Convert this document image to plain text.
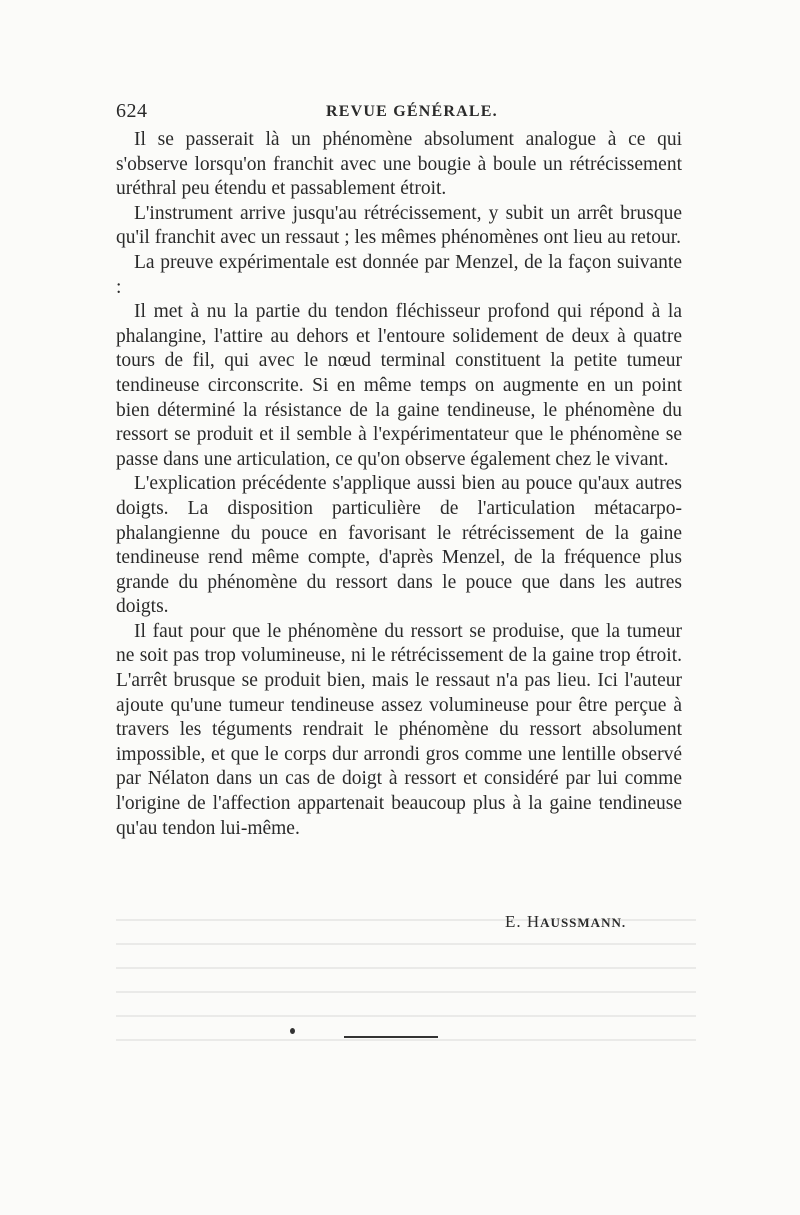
624	REVUE GÉNÉRALE.

Il se passerait là un phénomène absolument analogue à ce qui s'observe lorsqu'on franchit avec une bougie à boule un rétrécissement uréthral peu étendu et passablement étroit.

L'instrument arrive jusqu'au rétrécissement, y subit un arrêt brusque qu'il franchit avec un ressaut ; les mêmes phénomènes ont lieu au retour.

La preuve expérimentale est donnée par Menzel, de la façon suivante :

Il met à nu la partie du tendon fléchisseur profond qui répond à la phalangine, l'attire au dehors et l'entoure solidement de deux à quatre tours de fil, qui avec le nœud terminal constituent la petite tumeur tendineuse circonscrite. Si en même temps on augmente en un point bien déterminé la résistance de la gaine tendineuse, le phénomène du ressort se produit et il semble à l'expérimentateur que le phénomène se passe dans une articulation, ce qu'on observe également chez le vivant.

L'explication précédente s'applique aussi bien au pouce qu'aux autres doigts. La disposition particulière de l'articulation métacarpo-phalangienne du pouce en favorisant le rétrécissement de la gaine tendineuse rend même compte, d'après Menzel, de la fréquence plus grande du phénomène du ressort dans le pouce que dans les autres doigts.

Il faut pour que le phénomène du ressort se produise, que la tumeur ne soit pas trop volumineuse, ni le rétrécissement de la gaine trop étroit. L'arrêt brusque se produit bien, mais le ressaut n'a pas lieu. Ici l'auteur ajoute qu'une tumeur tendineuse assez volumineuse pour être perçue à travers les téguments rendrait le phénomène du ressort absolument impossible, et que le corps dur arrondi gros comme une lentille observé par Nélaton dans un cas de doigt à ressort et considéré par lui comme l'origine de l'affection appartenait beaucoup plus à la gaine tendineuse qu'au tendon lui-même.

E. HAUSSMANN.
